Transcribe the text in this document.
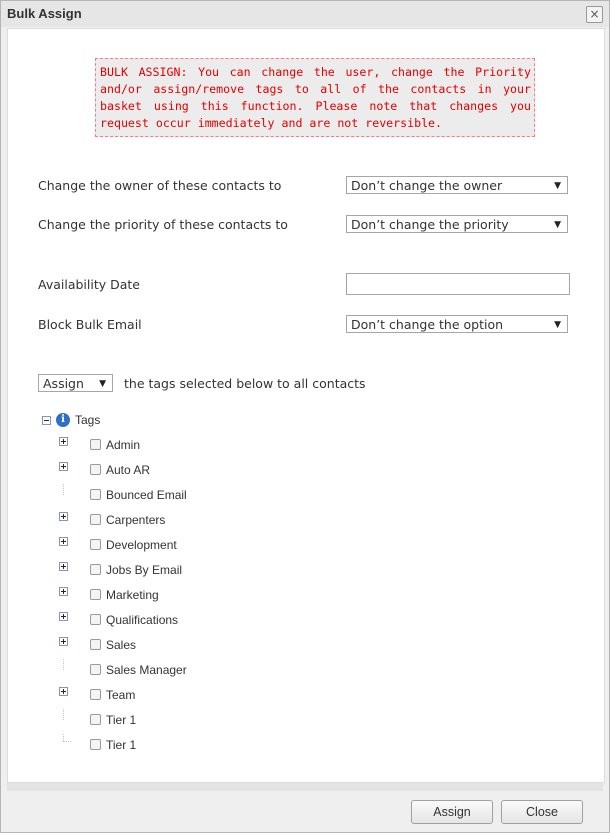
Bulk Assign	×
BULK ASSIGN: You can change the user, change the Priority and/or assign/remove tags to all of the contacts in your basket using this function. Please note that changes you request occur immediately and are not reversible.
Change the owner of these contacts to	Don’t change the owner	▼
Change the priority of these contacts to	Don’t change the priority	▼
Availability Date
Block Bulk Email	Don’t change the option	▼
Assign ▼ the tags selected below to all contacts
i Tags
Admin
Auto AR
Bounced Email
Carpenters
Development
Jobs By Email
Marketing
Qualifications
Sales
Sales Manager
Team
Tier 1
Tier 1
Assign	Close
